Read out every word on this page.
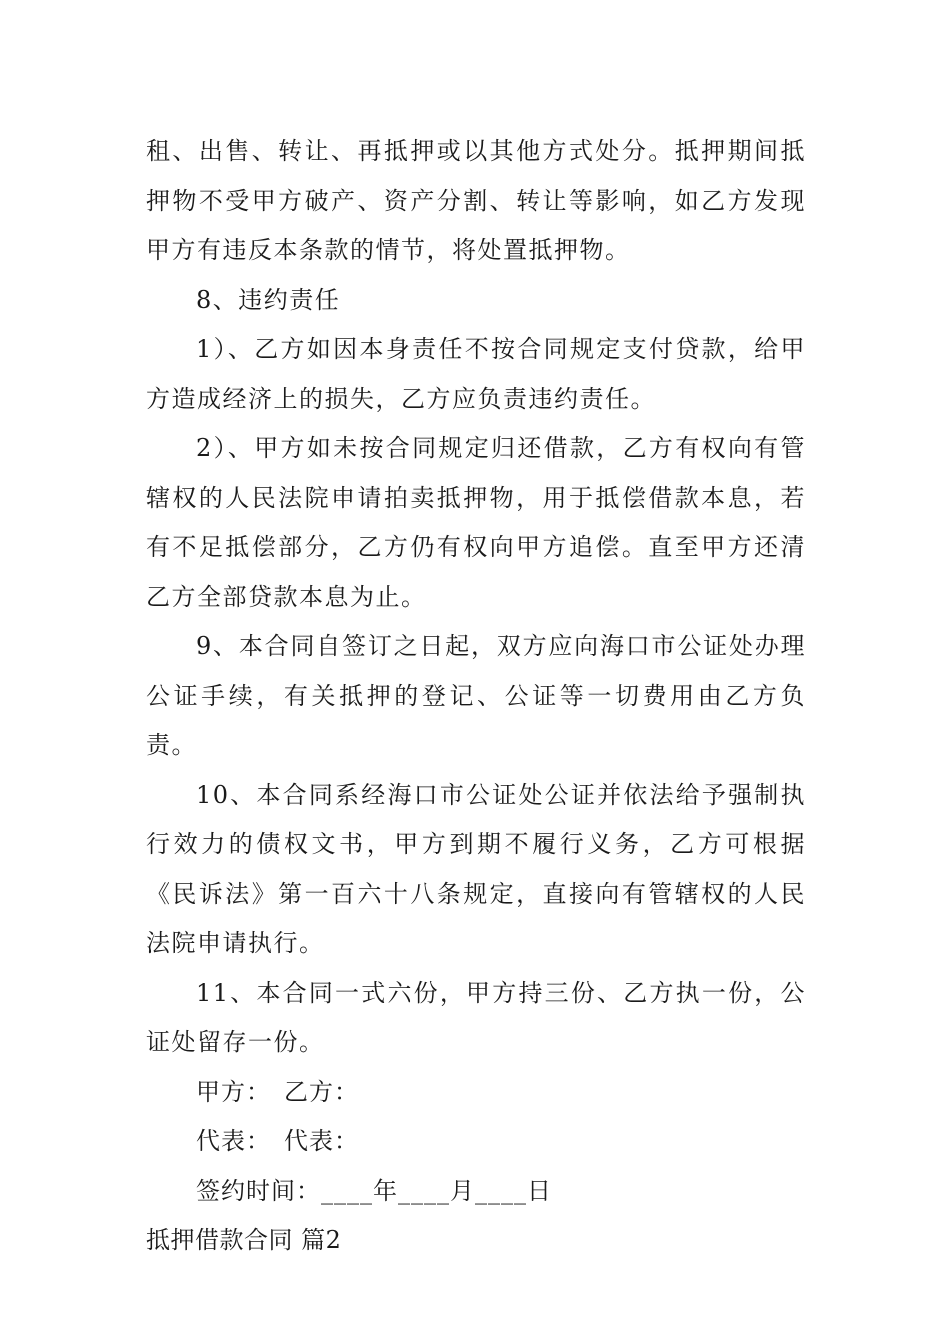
租、出售、转让、再抵押或以其他方式处分。抵押期间抵押物不受甲方破产、资产分割、转让等影响，如乙方发现甲方有违反本条款的情节，将处置抵押物。

8、违约责任

1）、乙方如因本身责任不按合同规定支付贷款，给甲方造成经济上的损失，乙方应负责违约责任。

2）、甲方如未按合同规定归还借款，乙方有权向有管辖权的人民法院申请拍卖抵押物，用于抵偿借款本息，若有不足抵偿部分，乙方仍有权向甲方追偿。直至甲方还清乙方全部贷款本息为止。

9、本合同自签订之日起，双方应向海口市公证处办理公证手续，有关抵押的登记、公证等一切费用由乙方负责。

10、本合同系经海口市公证处公证并依法给予强制执行效力的债权文书，甲方到期不履行义务，乙方可根据《民诉法》第一百六十八条规定，直接向有管辖权的人民法院申请执行。

11、本合同一式六份，甲方持三份、乙方执一份，公证处留存一份。

甲方：　乙方：

代表：　代表：

签约时间：____年____月____日

抵押借款合同 篇2
